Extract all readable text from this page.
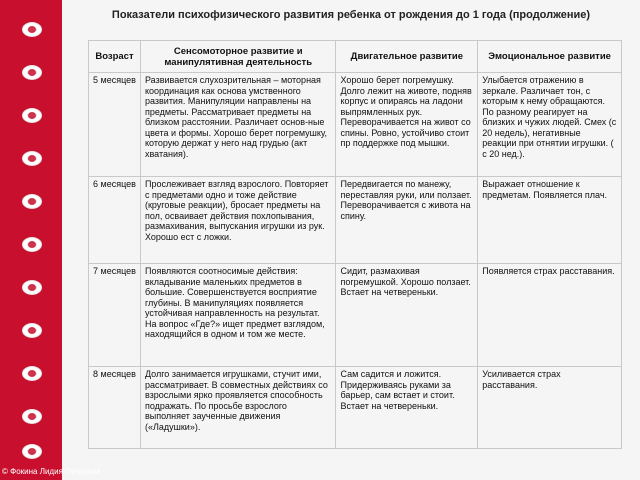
Показатели психофизического развития ребенка от рождения до 1 года (продолжение)
Возраст	Сенсомоторное развитие и манипулятивная деятельность	Двигательное развитие	Эмоциональное развитие
5 месяцев	Развивается слухозрительная – моторная координация как основа умственного развития. Манипуляции направлены на предметы. Рассматривает предметы на близком расстоянии. Различает основ-ные цвета и формы. Хорошо берет погремушку, которую держат у него над грудью (акт хватания).	Хорошо берет погремушку. Долго лежит на животе, подняв корпус и опираясь на ладони выпрямленных рук. Переворачивается на живот со спины. Ровно, устойчиво стоит пр поддержке под мышки.	Улыбается отражению в зеркале. Различает тон, с которым к нему обращаются. По разному реагирует на близких и чужих людей. Смех (с 20 недель), негативные реакции при отнятии игрушки. ( с 20 нед.).
6 месяцев	Прослеживает взгляд взрослого. Повторяет с предметами одно и тоже действие (круговые реакции), бросает предметы на пол, осваивает действия похлопывания, размахивания, выпускания игрушки из рук. Хорошо ест с ложки.	Передвигается по манежу, переставляя руки, или ползает. Переворачивается с живота на спину.	Выражает отношение к предметам. Появляется плач.
7 месяцев	Появляются соотносимые действия: вкладывание маленьких предметов в большие. Совершенствуется восприятие глубины. В манипуляциях появляется устойчивая направленность на результат. На вопрос «Где?» ищет предмет взглядом, находящийся в одном и том же месте.	Сидит, размахивая погремушкой. Хорошо ползает. Встает на четвереньки.	Появляется страх расставания.
8 месяцев	Долго занимается игрушками, стучит ими, рассматривает. В совместных действиях со взрослыми ярко проявляется способность подражать. По просьбе взрослого выполняет заученные движения («Ладушки»).	Сам садится и ложится. Придерживаясь руками за барьер, сам встает и стоит. Встает на четвереньки.	Усиливается страх расставания.
© Фокина Лидия Петровна
